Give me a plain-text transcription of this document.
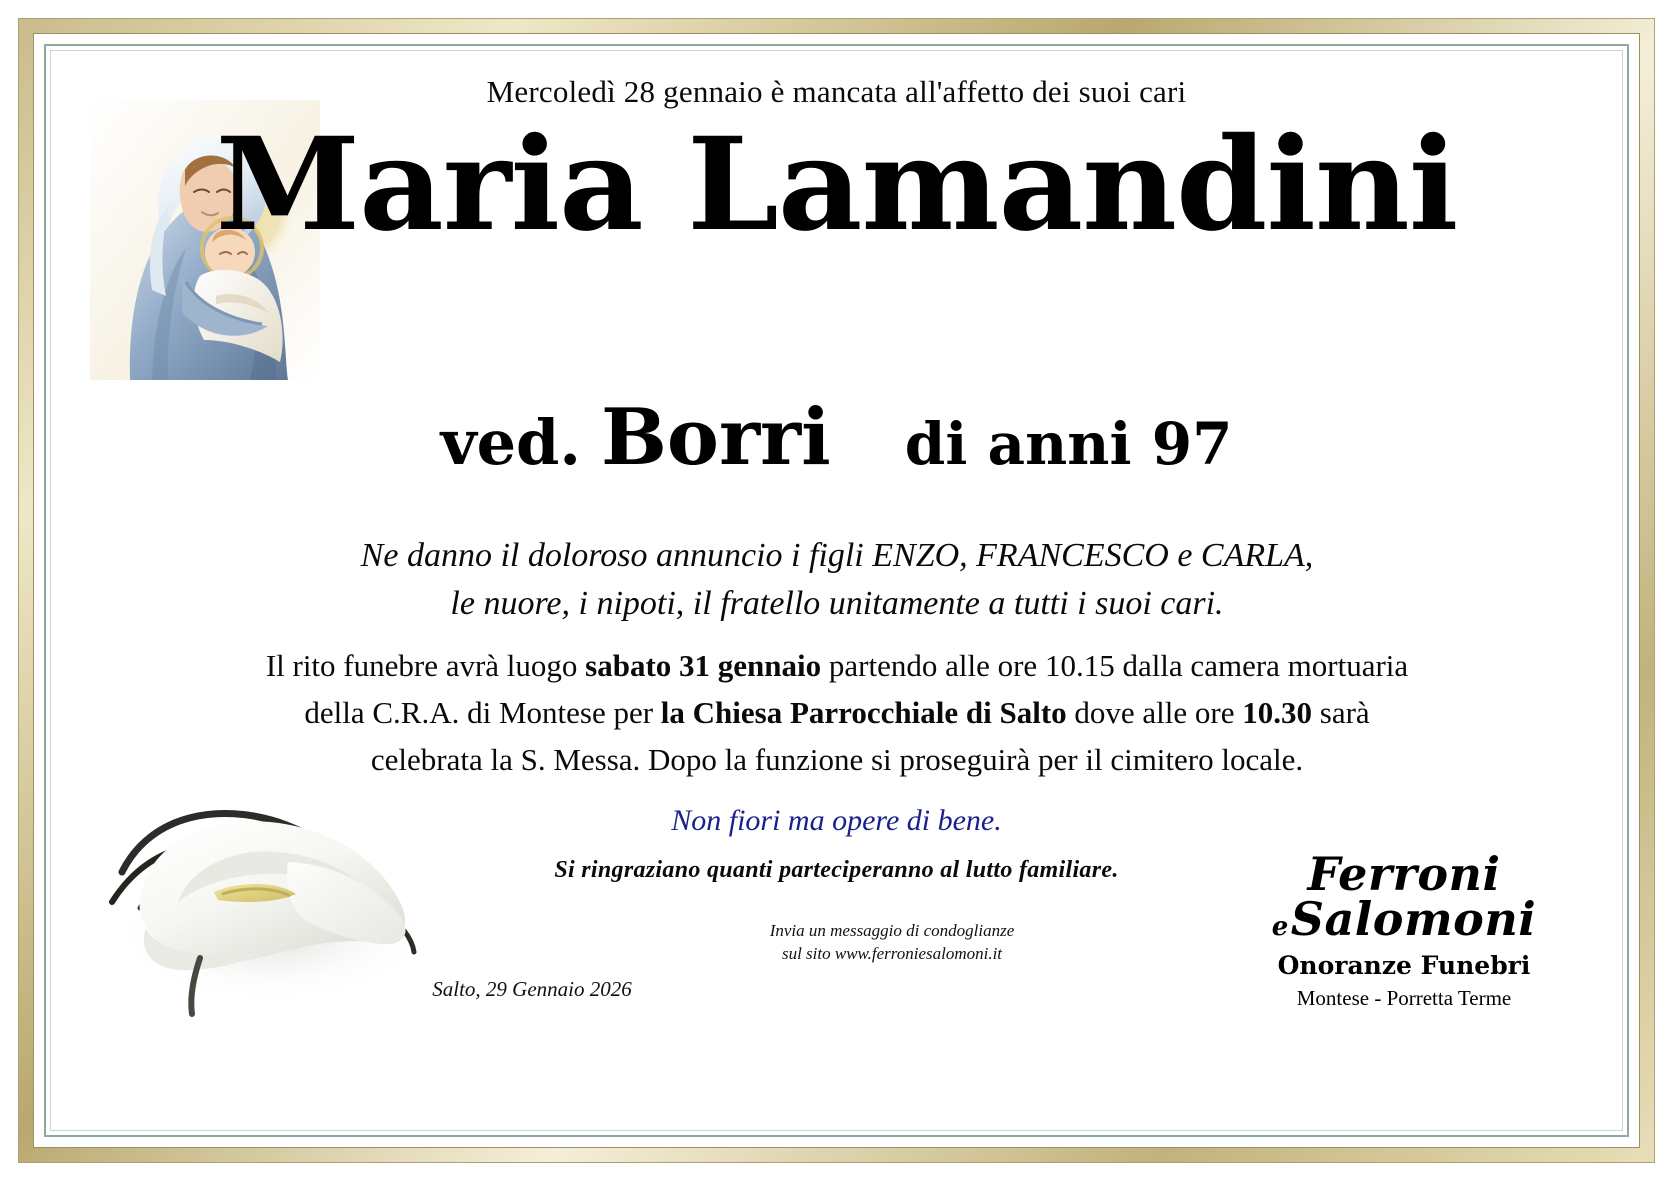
Mercoledì 28 gennaio è mancata all'affetto dei suoi cari
Maria Lamandini
ved. Borri di anni 97
Ne danno il doloroso annuncio i figli ENZO, FRANCESCO e CARLA,
le nuore, i nipoti, il fratello unitamente a tutti i suoi cari.
Il rito funebre avrà luogo sabato 31 gennaio partendo alle ore 10.15 dalla camera mortuaria
della C.R.A. di Montese per la Chiesa Parrocchiale di Salto dove alle ore 10.30 sarà
celebrata la S. Messa. Dopo la funzione si proseguirà per il cimitero locale.
Non fiori ma opere di bene.
Si ringraziano quanti parteciperanno al lutto familiare.
Invia un messaggio di condoglianze
sul sito www.ferroniesalomoni.it
Salto, 29 Gennaio 2026
Ferroni
eSalomoni
Onoranze Funebri
Montese - Porretta Terme
